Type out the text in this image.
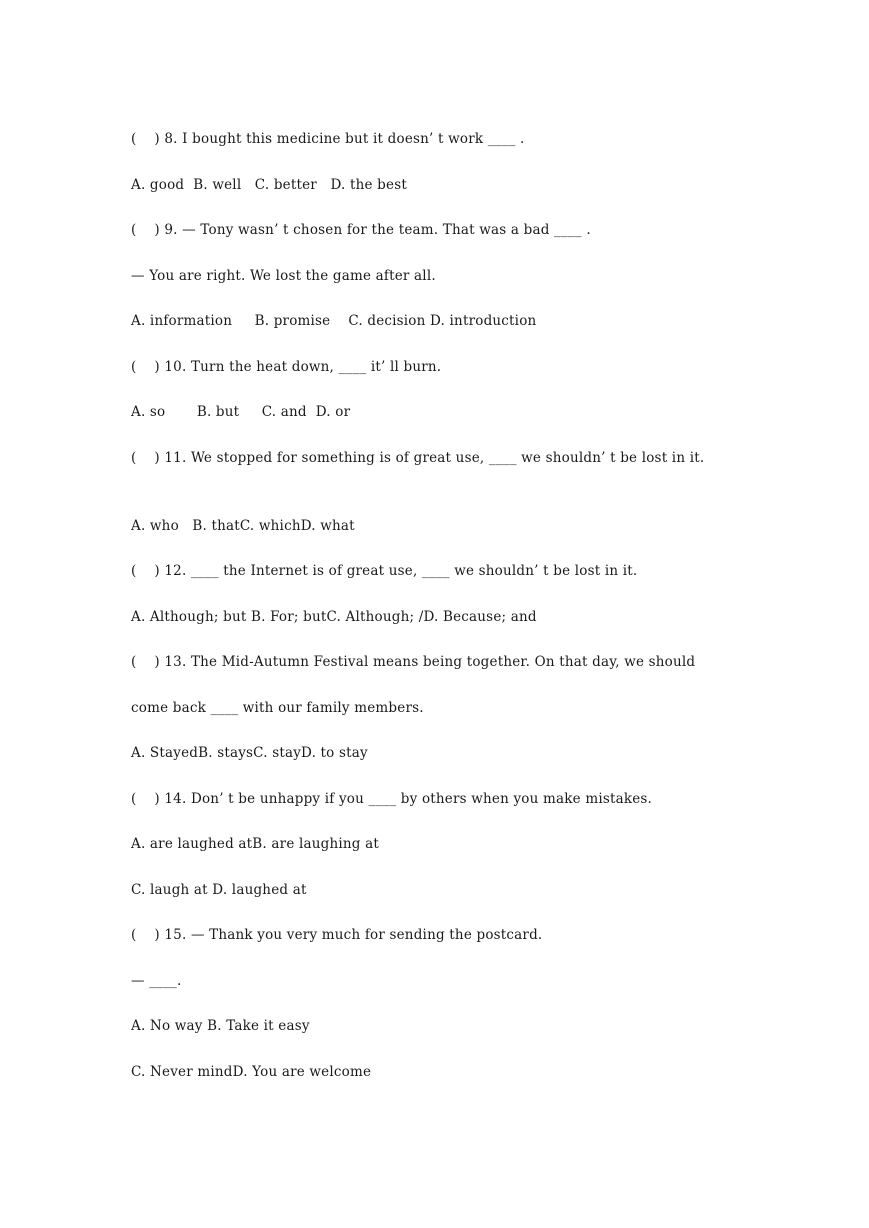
(    ) 8. I bought this medicine but it doesn’ t work ____ .

A. good  B. well   C. better   D. the best

(    ) 9. — Tony wasn’ t chosen for the team. That was a bad ____ .

— You are right. We lost the game after all.

A. information     B. promise    C. decision D. introduction

(    ) 10. Turn the heat down, ____ it’ ll burn.

A. so       B. but     C. and  D. or

(    ) 11. We stopped for something is of great use, ____ we shouldn’ t be lost in it.

A. who   B. thatC. whichD. what

(    ) 12. ____ the Internet is of great use, ____ we shouldn’ t be lost in it.

A. Although; but B. For; butC. Although; /D. Because; and

(    ) 13. The Mid-Autumn Festival means being together. On that day, we should

come back ____ with our family members.

A. StayedB. staysC. stayD. to stay

(    ) 14. Don’ t be unhappy if you ____ by others when you make mistakes.

A. are laughed atB. are laughing at

C. laugh at D. laughed at

(    ) 15. — Thank you very much for sending the postcard.

— ____.

A. No way B. Take it easy

C. Never mindD. You are welcome
